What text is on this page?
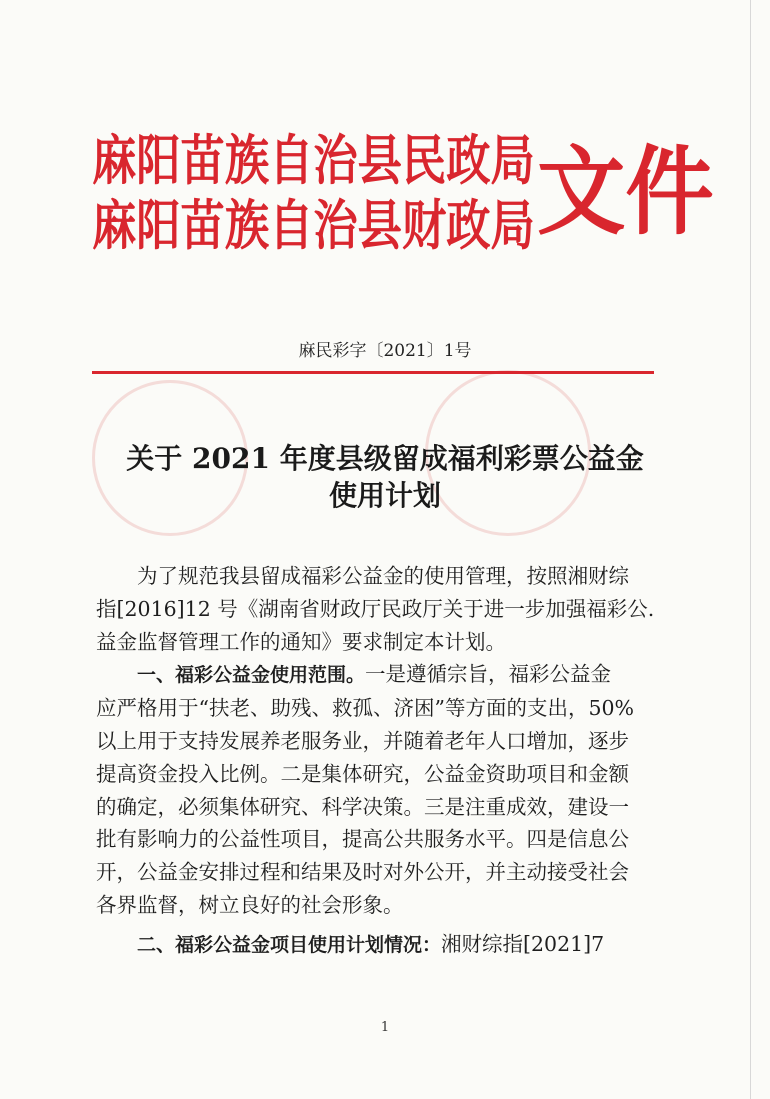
麻阳苗族自治县民政局
麻阳苗族自治县财政局 文件
麻民彩字〔2021〕1号
关于 2021 年度县级留成福利彩票公益金
使用计划

为了规范我县留成福彩公益金的使用管理，按照湘财综

指[2016]12 号《湖南省财政厅民政厅关于进一步加强福彩公.

益金监督管理工作的通知》要求制定本计划。

一、福彩公益金使用范围。一是遵循宗旨，福彩公益金

应严格用于“扶老、助残、救孤、济困”等方面的支出，50%

以上用于支持发展养老服务业，并随着老年人口增加，逐步

提高资金投入比例。二是集体研究，公益金资助项目和金额

的确定，必须集体研究、科学决策。三是注重成效，建设一

批有影响力的公益性项目，提高公共服务水平。四是信息公

开，公益金安排过程和结果及时对外公开，并主动接受社会

各界监督，树立良好的社会形象。

二、福彩公益金项目使用计划情况：湘财综指[2021]7

1
